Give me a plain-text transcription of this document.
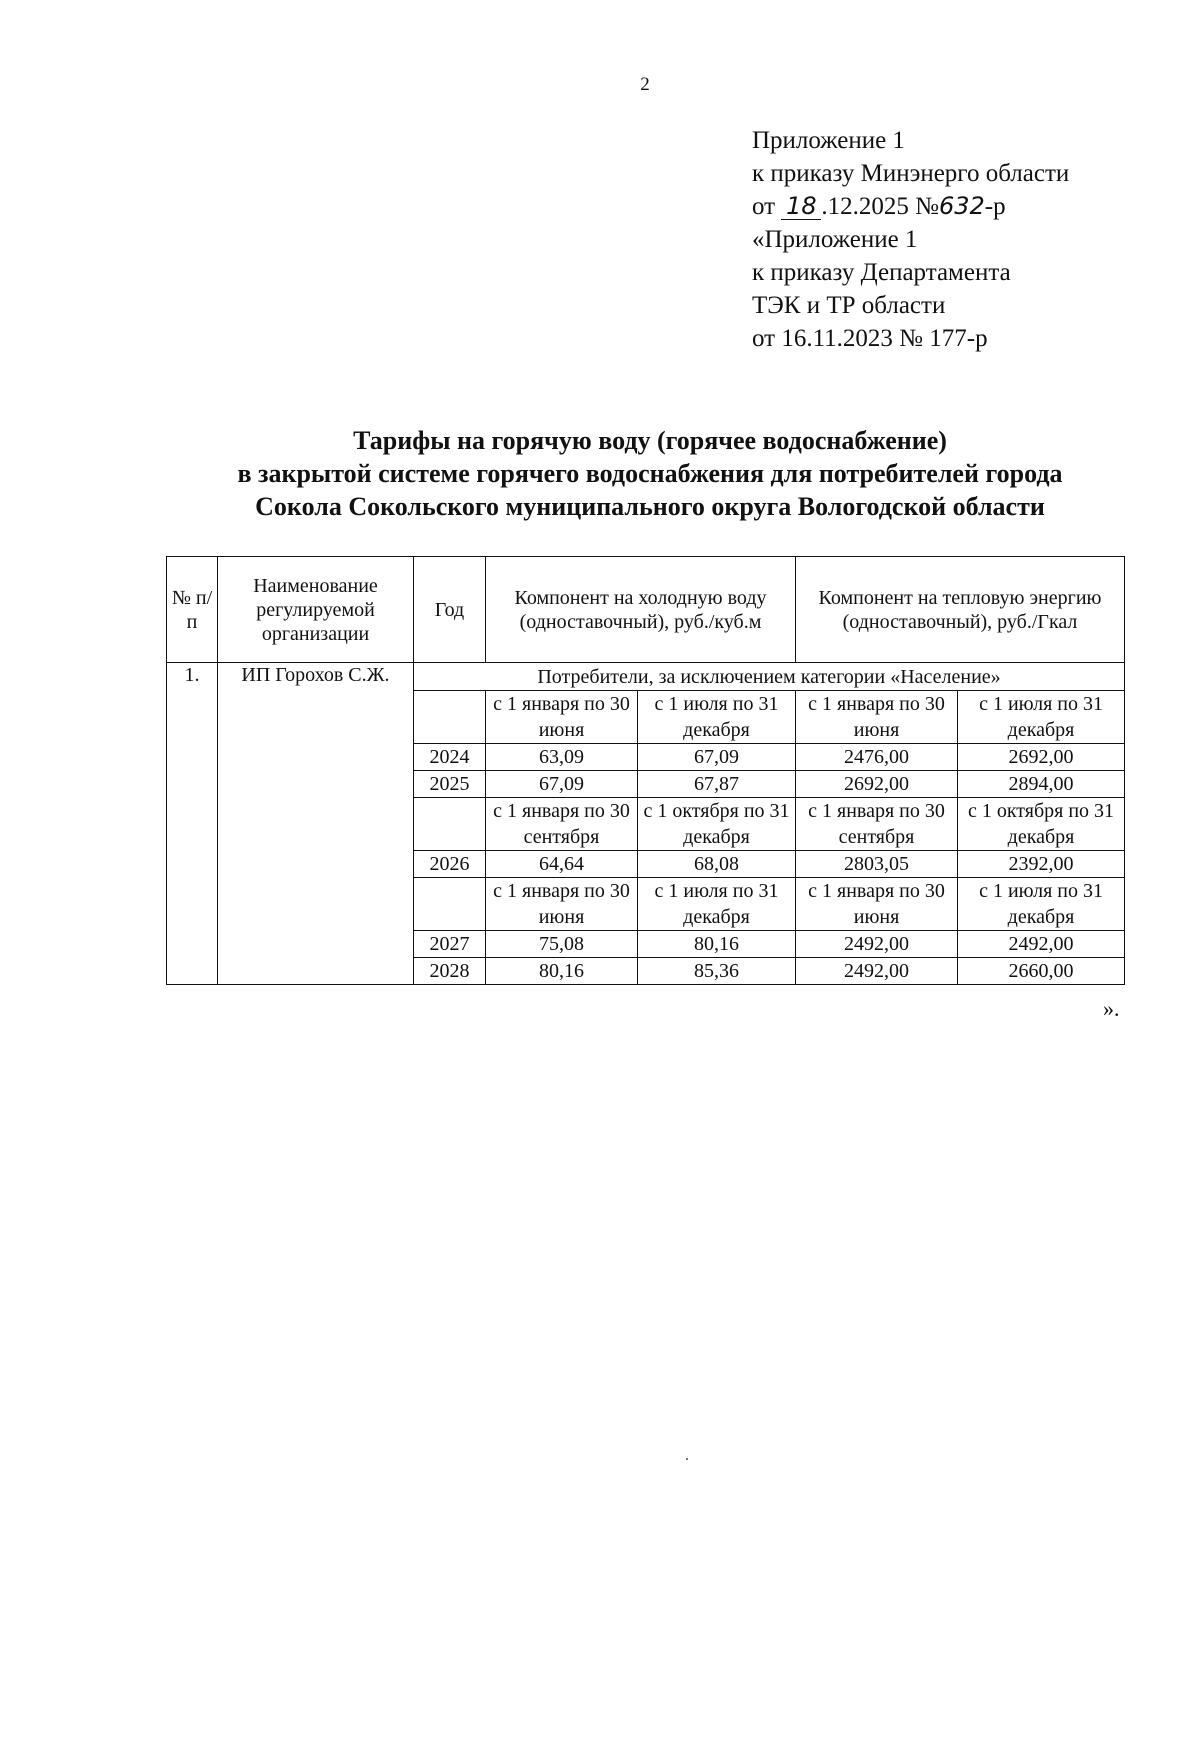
2
Приложение 1
к приказу Минэнерго области
от 18 .12.2025 №632-р
«Приложение 1
к приказу Департамента
ТЭК и ТР области
от 16.11.2023 № 177-р
Тарифы на горячую воду (горячее водоснабжение)
в закрытой системе горячего водоснабжения для потребителей города
Сокола Сокольского муниципального округа Вологодской области
№ п/п	Наименование регулируемой организации	Год	Компонент на холодную воду (одноставочный), руб./куб.м		Компонент на тепловую энергию (одноставочный), руб./Гкал	
1.	ИП Горохов С.Ж.	Потребители, за исключением категории «Население»				
			с 1 января по 30 июня	с 1 июля по 31 декабря	с 1 января по 30 июня	с 1 июля по 31 декабря
		2024	63,09	67,09	2476,00	2692,00
		2025	67,09	67,87	2692,00	2894,00
			с 1 января по 30 сентября	с 1 октября по 31 декабря	с 1 января по 30 сентября	с 1 октября по 31 декабря
		2026	64,64	68,08	2803,05	2392,00
			с 1 января по 30 июня	с 1 июля по 31 декабря	с 1 января по 30 июня	с 1 июля по 31 декабря
		2027	75,08	80,16	2492,00	2492,00
		2028	80,16	85,36	2492,00	2660,00
».
